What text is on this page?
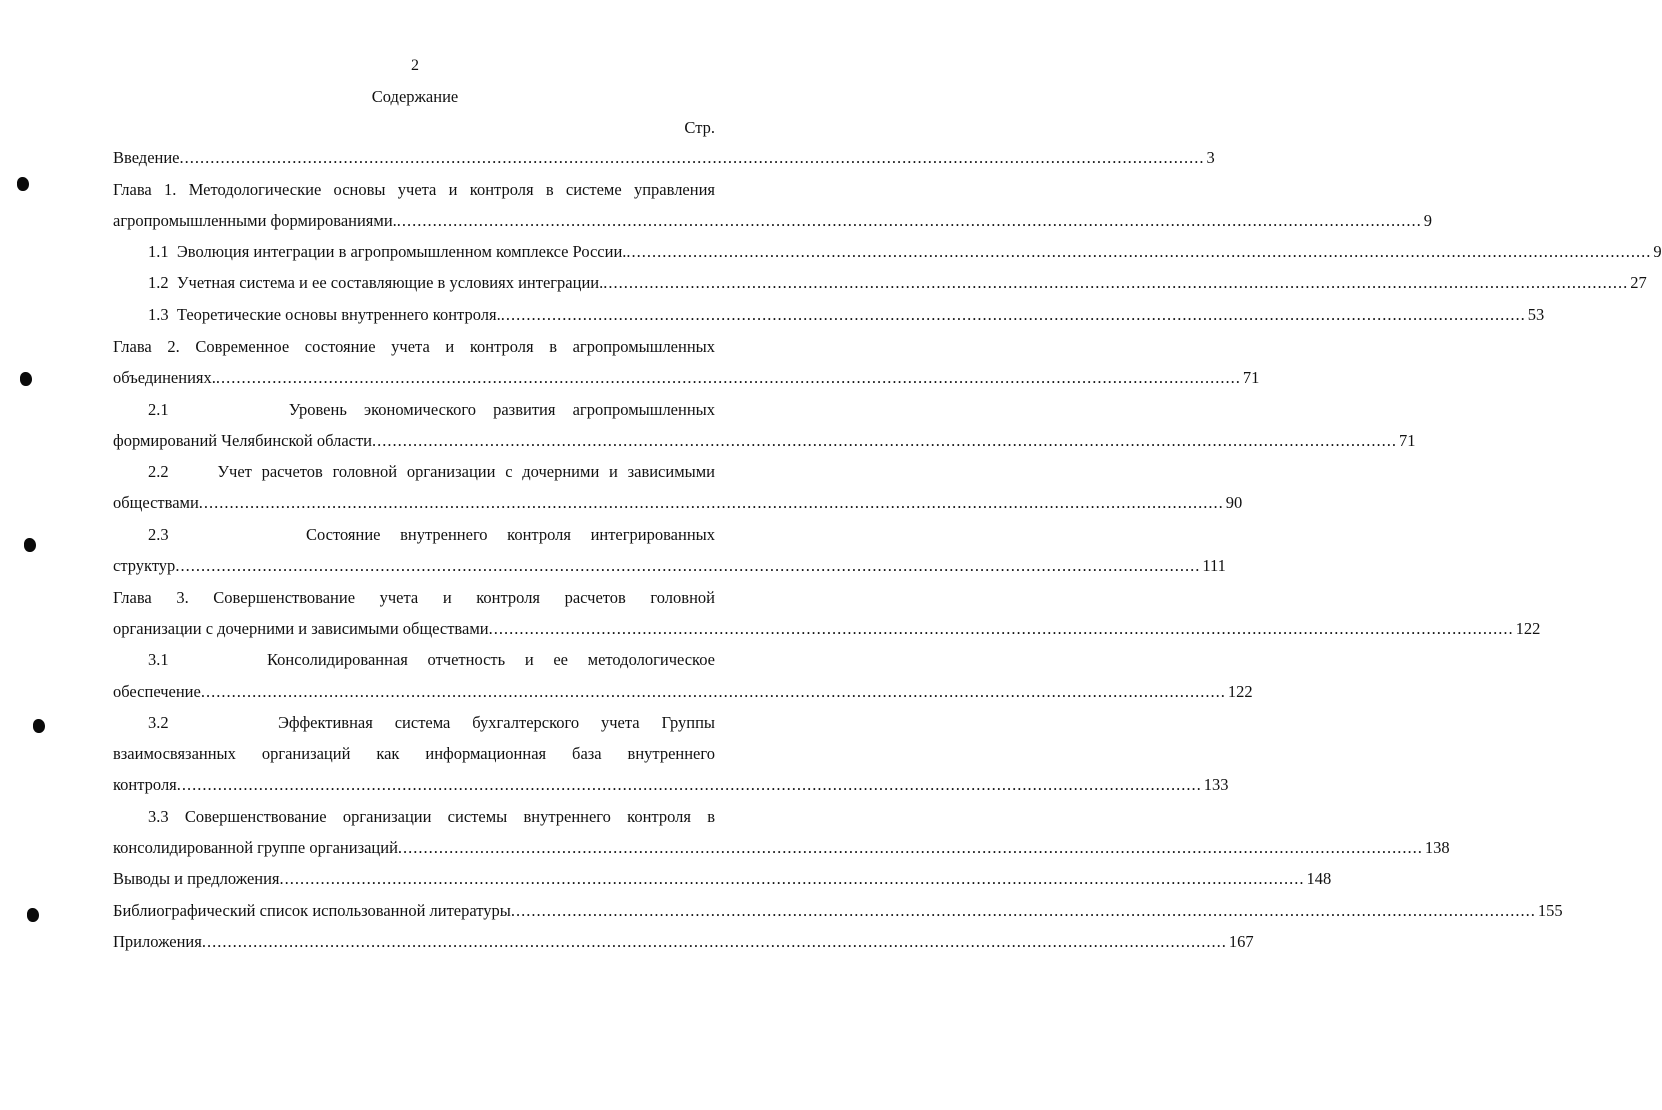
2
Содержание
Стр.
Введение ........................................................................................................................................................................................................ 3
Глава 1. Методологические основы учета и контроля в системе управления
агропромышленными формированиями. ........................................................................................................................................................................................................ 9
1.1 Эволюция интеграции в агропромышленном комплексе России. ........................................................................................................................................................................................................ 9
1.2 Учетная система и ее составляющие в условиях интеграции. ........................................................................................................................................................................................................ 27
1.3 Теоретические основы внутреннего контроля. ........................................................................................................................................................................................................ 53
Глава 2. Современное состояние учета и контроля в агропромышленных
объединениях. ........................................................................................................................................................................................................ 71
2.1	Уровень экономического развития агропромышленных
формирований Челябинской области ........................................................................................................................................................................................................ 71
2.2	Учет расчетов головной организации с дочерними и зависимыми
обществами ........................................................................................................................................................................................................ 90
2.3	Состояние внутреннего контроля интегрированных
структур ........................................................................................................................................................................................................ 111
Глава 3. Совершенствование учета и контроля расчетов головной
организации с дочерними и зависимыми обществами ........................................................................................................................................................................................................ 122
3.1	Консолидированная отчетность и ее методологическое
обеспечение ........................................................................................................................................................................................................ 122
3.2	Эффективная система бухгалтерского учета Группы
взаимосвязанных организаций как информационная база внутреннего
контроля ........................................................................................................................................................................................................ 133
3.3 Совершенствование организации системы внутреннего контроля в
консолидированной группе организаций ........................................................................................................................................................................................................ 138
Выводы и предложения ........................................................................................................................................................................................................ 148
Библиографический список использованной литературы ........................................................................................................................................................................................................ 155
Приложения ........................................................................................................................................................................................................ 167
